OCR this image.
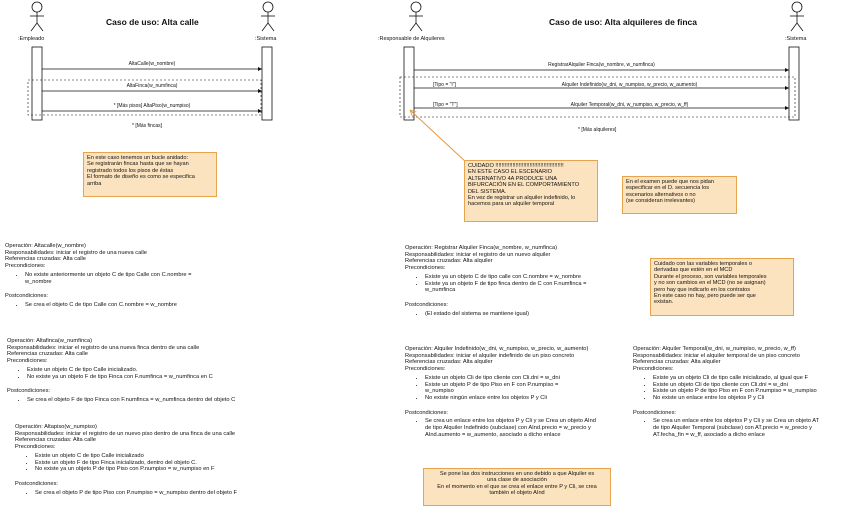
Caso de uso: Alta calle
:Empleado	:Sistema
AltaCalle(w_nombre)
AltaFinca(w_numfinca)
* [Más pisos] AltaPiso(w_numpiso)
* [Más fincas]
En este caso tenemos un bucle anidado:
Se registrarán fincas hasta que se hayan
registrado todos los pisos de éstas
El formato de diseño es como se especifica
arriba
Caso de uso: Alta alquileres de finca
:Responsable de Alquileres	:Sistema
RegistrarAlquiler Finca(w_nombre, w_numfinca)
[Tipo = "I"]	Alquiler Indefinido(w_dni, w_numpiso, w_precio, w_aumento)
[Tipo = "T"]	Alquiler Temporal(w_dni, w_numpiso, w_precio, w_ff)
* [Más alquileres]
CUIDADO !!!!!!!!!!!!!!!!!!!!!!!!!!!!!!!!!!!!!!!!!!!!
EN ESTE CASO EL ESCENARIO
ALTERNATIVO 4A PRODUCE UNA
BIFURCACIÓN EN EL COMPORTAMIENTO
DEL SISTEMA.
En vez de registrar un alquiler indefinido, lo
hacemos para un alquiler temporal
En el examen puede que nos pidan
especificar en el D. secuencia los
escenarios alternativos o no
(se consideran irrelevantes)
Cuidado con las variables temporales o
derivadas que estén en el MCD
Durante el proceso, son variables temporales
y no son cambios en el MCD (no se asignan)
pero hay que indicarlo en los contratos
En este caso no hay, pero puede ser que
existan.
Se pone las dos instrucciones en uno debido a que Alquiler es
una clase de asociación
En el momento en el que se crea el enlace entre P y Cli, se crea
también el objeto AInd
Operación: Altacalle(w_nombre)
Responsabilidades: iniciar el registro de una nueva calle
Referencias cruzadas: Alta calle
Precondiciones:
• No existe anteriormente un objeto C de tipo Calle con C.nombre =
w_nombre
Postcondiciones:
• Se crea el objeto C de tipo Calle con C.nombre = w_nombre
Operación: Altafinca(w_numfinca)
Responsabilidades: iniciar el registro de una nueva finca dentro de una calle
Referencias cruzadas: Alta calle
Precondiciones:
• Existe un objeto C de tipo Calle inicializado.
• No existe ya un objeto F de tipo Finca con F.numfinca = w_numfinca en C
Postcondiciones:
• Se crea el objeto F de tipo Finca con F.numfinca = w_numfinca dentro del objeto C
Operación: Altapiso(w_numpiso)
Responsabilidades: iniciar el registro de un nuevo piso dentro de una finca de una calle
Referencias cruzadas: Alta calle
Precondiciones:
• Existe un objeto C de tipo Calle inicializado
• Existe un objeto F de tipo Finca inicializado, dentro del objeto C.
• No existe ya un objeto P de tipo Piso con P.numpiso = w_numpiso en F
Postcondiciones:
• Se crea el objeto P de tipo Piso con P.numpiso = w_numpiso dentro del objeto F
Operación: Registrar Alquiler Finca(w_nombre, w_numfinca)
Responsabilidades: iniciar el registro de un nuevo alquiler
Referencias cruzadas: Alta alquiler
Precondiciones:
• Existe ya un objeto C de tipo calle con C.nombre = w_nombre
• Existe ya un objeto F de tipo finca dentro de C con F.numfinca =
w_numfinca
Postcondiciones:
• (El estado del sistema se mantiene igual)
Operación: Alquiler Indefinido(w_dni, w_numpiso, w_precio, w_aumento)
Responsabilidades: iniciar el alquiler indefinido de un piso concreto
Referencias cruzadas: Alta alquiler
Precondiciones:
• Existe un objeto Cli de tipo cliente con Cli.dni = w_dni
• Existe un objeto P de tipo Piso en F con P.numpiso =
w_numpiso
• No existe ningún enlace entre los objetos P y Cli
Postcondiciones:
• Se crea un enlace entre los objetos P y Cli y se Crea un objeto AInd
de tipo Alquiler Indefinido (subclase) con AInd.precio = w_precio y
AInd.aumento = w_aumento, asociado a dicho enlace
Operación: Alquiler Temporal(w_dni, w_numpiso, w_precio, w_ff)
Responsabilidades: iniciar el alquiler temporal de un piso concreto
Referencias cruzadas: Alta alquiler
Precondiciones:
• Existe ya un objeto Cli de tipo calle inicializado, al igual que F
• Existe un objeto Cli de tipo cliente con Cli.dni = w_dni
• Existe un objeto P de tipo Piso en F con P.numpiso = w_numpiso
• No existe un enlace entre los objetos P y Cli
Postcondiciones:
• Se crea un enlace entre los objetos P y Cli y se Crea un objeto AT
de tipo Alquiler Temporal (subclase) con AT.precio = w_precio y
AT.fecha_fin = w_ff, asociado a dicho enlace
